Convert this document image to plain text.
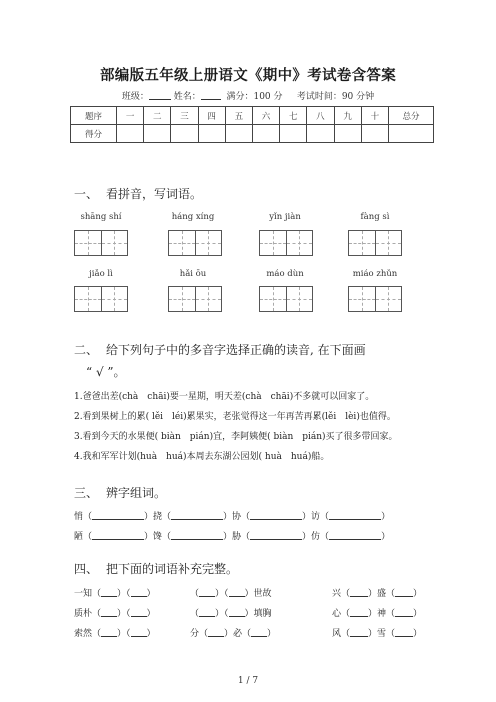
部编版五年级上册语文《期中》考试卷含答案
班级：	姓名：	满分：100 分 考试时间：90 分钟
题序	一	二	三	四	五	六	七	八	九	十	总分
得分											
一、 看拼音，写词语。
shāng shí	háng xíng	yǐn jiàn	fàng sì
jiǎo lì	hǎi ōu	máo dùn	miáo zhǔn
二、 给下列句子中的多音字选择正确的读音, 在下面画
“ √ ”。
1.爸爸出差(chà　chāi)要一星期，明天差(chà　chāi)不多就可以回家了。
2.看到果树上的累( lěi　léi)累果实，老张觉得这一年再苦再累(lěi　lèi)也值得。
3.看到今天的水果便( biàn　pián)宜，李阿姨便( biàn　pián)买了很多带回家。
4.我和军军计划(huà　huá)本周去东湖公园划( huà　huá)船。
三、 辨字组词。
悄（	）挠（	）协（	）访（	）
陋（	）馋（	）胁（	）仿（	）
四、 把下面的词语补充完整。
一知（ ）（ ）	（ ）（ ）世故	兴（ ）盛（ ）
质朴（ ）（ ）	（ ）（ ）填胸	心（ ）神（ ）
索然（ ）（ ）	分（ ）必（ ）	风（ ）雪（ ）
1 / 7
